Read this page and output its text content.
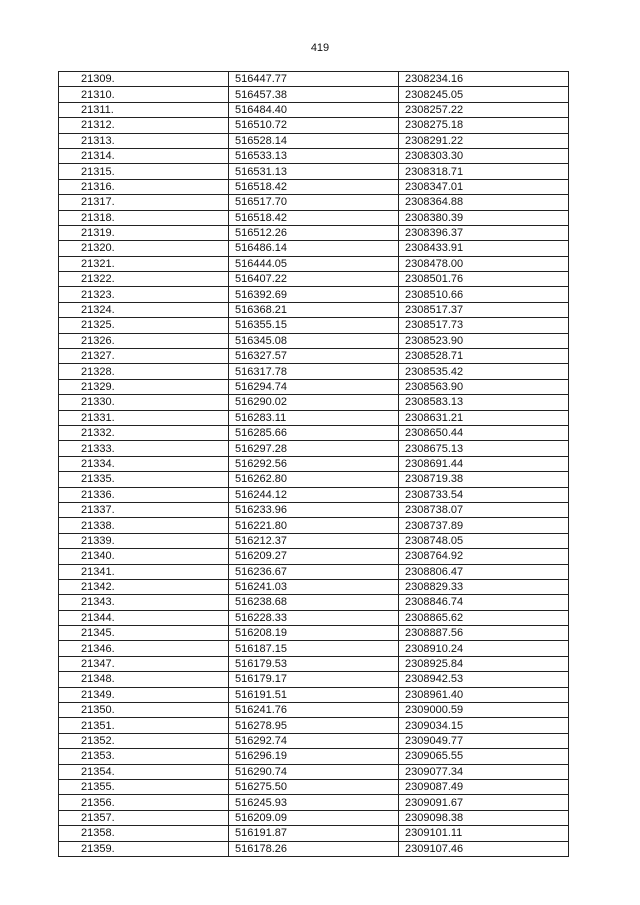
419
21309.	516447.77	2308234.16
21310.	516457.38	2308245.05
21311.	516484.40	2308257.22
21312.	516510.72	2308275.18
21313.	516528.14	2308291.22
21314.	516533.13	2308303.30
21315.	516531.13	2308318.71
21316.	516518.42	2308347.01
21317.	516517.70	2308364.88
21318.	516518.42	2308380.39
21319.	516512.26	2308396.37
21320.	516486.14	2308433.91
21321.	516444.05	2308478.00
21322.	516407.22	2308501.76
21323.	516392.69	2308510.66
21324.	516368.21	2308517.37
21325.	516355.15	2308517.73
21326.	516345.08	2308523.90
21327.	516327.57	2308528.71
21328.	516317.78	2308535.42
21329.	516294.74	2308563.90
21330.	516290.02	2308583.13
21331.	516283.11	2308631.21
21332.	516285.66	2308650.44
21333.	516297.28	2308675.13
21334.	516292.56	2308691.44
21335.	516262.80	2308719.38
21336.	516244.12	2308733.54
21337.	516233.96	2308738.07
21338.	516221.80	2308737.89
21339.	516212.37	2308748.05
21340.	516209.27	2308764.92
21341.	516236.67	2308806.47
21342.	516241.03	2308829.33
21343.	516238.68	2308846.74
21344.	516228.33	2308865.62
21345.	516208.19	2308887.56
21346.	516187.15	2308910.24
21347.	516179.53	2308925.84
21348.	516179.17	2308942.53
21349.	516191.51	2308961.40
21350.	516241.76	2309000.59
21351.	516278.95	2309034.15
21352.	516292.74	2309049.77
21353.	516296.19	2309065.55
21354.	516290.74	2309077.34
21355.	516275.50	2309087.49
21356.	516245.93	2309091.67
21357.	516209.09	2309098.38
21358.	516191.87	2309101.11
21359.	516178.26	2309107.46
